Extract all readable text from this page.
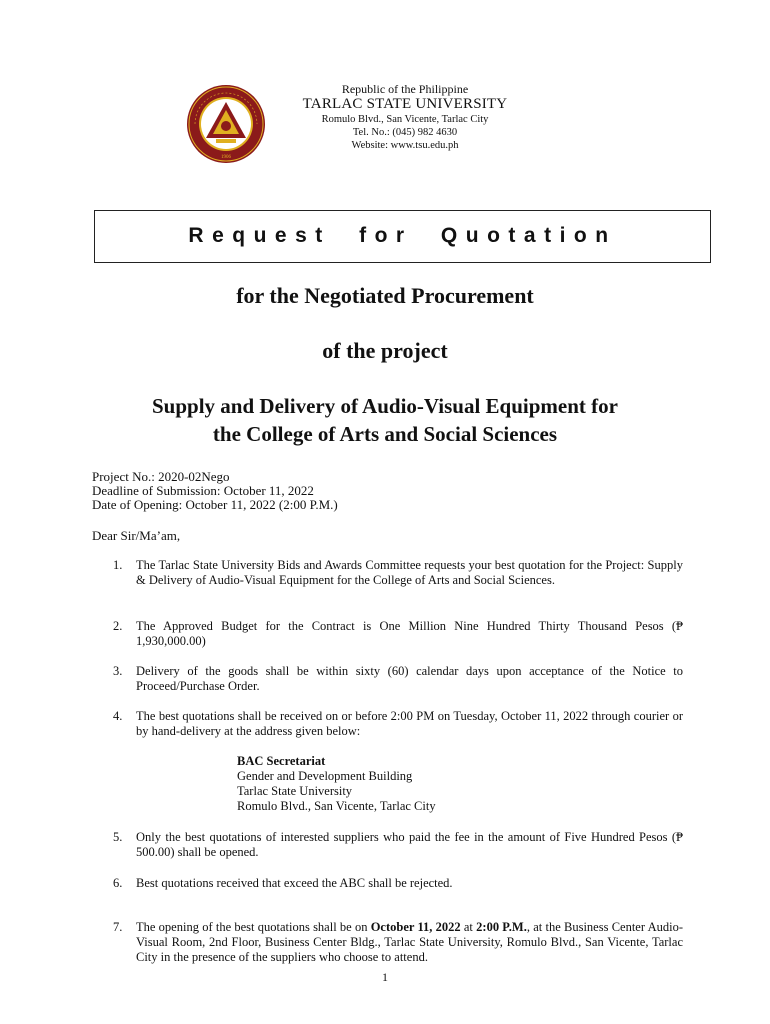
1906
Republic of the Philippine
TARLAC STATE UNIVERSITY
Romulo Blvd., San Vicente, Tarlac City
Tel. No.: (045) 982 4630
Website: www.tsu.edu.ph
Request for Quotation
for the Negotiated Procurement
of the project
Supply and Delivery of Audio-Visual Equipment for
the College of Arts and Social Sciences
Project No.: 2020-02Nego
Deadline of Submission: October 11, 2022
Date of Opening: October 11, 2022 (2:00 P.M.)
Dear Sir/Ma’am,
1. The Tarlac State University Bids and Awards Committee requests your best quotation for the Project: Supply & Delivery of Audio-Visual Equipment for the College of Arts and Social Sciences.
2. The Approved Budget for the Contract is One Million Nine Hundred Thirty Thousand Pesos (₱ 1,930,000.00)
3. Delivery of the goods shall be within sixty (60) calendar days upon acceptance of the Notice to Proceed/Purchase Order.
4. The best quotations shall be received on or before 2:00 PM on Tuesday, October 11, 2022 through courier or by hand-delivery at the address given below:
BAC Secretariat
Gender and Development Building
Tarlac State University
Romulo Blvd., San Vicente, Tarlac City
5. Only the best quotations of interested suppliers who paid the fee in the amount of Five Hundred Pesos (₱ 500.00) shall be opened.
6. Best quotations received that exceed the ABC shall be rejected.
7. The opening of the best quotations shall be on October 11, 2022 at 2:00 P.M., at the Business Center Audio-Visual Room, 2nd Floor, Business Center Bldg., Tarlac State University, Romulo Blvd., San Vicente, Tarlac City in the presence of the suppliers who choose to attend.
1
